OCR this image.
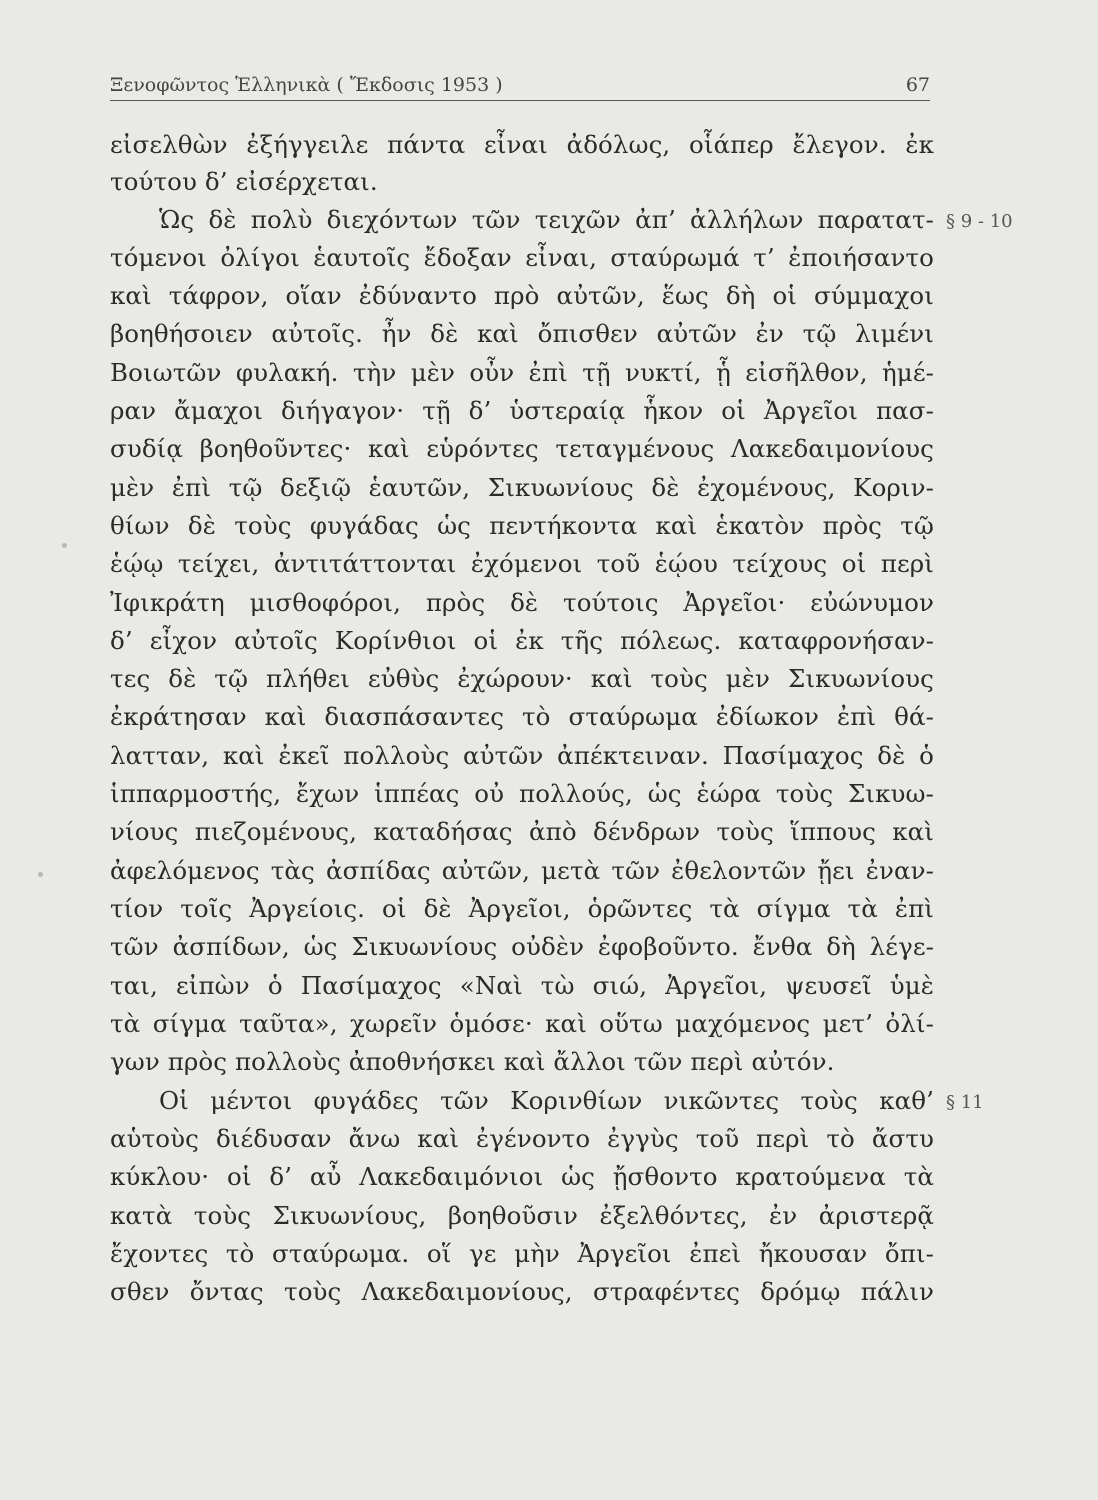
Ξενοφῶντος Ἑλληνικὰ ( Ἔκδοσις 1953 )	67
εἰσελθὼν ἐξήγγειλε πάντα εἶναι ἀδόλως, οἷάπερ ἔλεγον. ἐκ
τούτου δ’ εἰσέρχεται.
Ὡς δὲ πολὺ διεχόντων τῶν τειχῶν ἀπ’ ἀλλήλων παρατατ-
τόμενοι ὀλίγοι ἑαυτοῖς ἔδοξαν εἶναι, σταύρωμά τ’ ἐποιήσαντο
καὶ τάφρον, οἵαν ἐδύναντο πρὸ αὐτῶν, ἕως δὴ οἱ σύμμαχοι
βοηθήσοιεν αὐτοῖς. ἦν δὲ καὶ ὄπισθεν αὐτῶν ἐν τῷ λιμένι
Βοιωτῶν φυλακή. τὴν μὲν οὖν ἐπὶ τῇ νυκτί, ᾗ εἰσῆλθον, ἡμέ-
ραν ἄμαχοι διήγαγον· τῇ δ’ ὑστεραίᾳ ἧκον οἱ Ἀργεῖοι πασ-
συδίᾳ βοηθοῦντες· καὶ εὑρόντες τεταγμένους Λακεδαιμονίους
μὲν ἐπὶ τῷ δεξιῷ ἑαυτῶν, Σικυωνίους δὲ ἐχομένους, Κοριν-
θίων δὲ τοὺς φυγάδας ὡς πεντήκοντα καὶ ἑκατὸν πρὸς τῷ
ἑῴῳ τείχει, ἀντιτάττονται ἐχόμενοι τοῦ ἑῴου τείχους οἱ περὶ
Ἰφικράτη μισθοφόροι, πρὸς δὲ τούτοις Ἀργεῖοι· εὐώνυμον
δ’ εἶχον αὐτοῖς Κορίνθιοι οἱ ἐκ τῆς πόλεως. καταφρονήσαν-
τες δὲ τῷ πλήθει εὐθὺς ἐχώρουν· καὶ τοὺς μὲν Σικυωνίους
ἐκράτησαν καὶ διασπάσαντες τὸ σταύρωμα ἐδίωκον ἐπὶ θά-
λατταν, καὶ ἐκεῖ πολλοὺς αὐτῶν ἀπέκτειναν. Πασίμαχος δὲ ὁ
ἱππαρμοστής, ἔχων ἱππέας οὐ πολλούς, ὡς ἑώρα τοὺς Σικυω-
νίους πιεζομένους, καταδήσας ἀπὸ δένδρων τοὺς ἵππους καὶ
ἀφελόμενος τὰς ἀσπίδας αὐτῶν, μετὰ τῶν ἐθελοντῶν ᾔει ἐναν-
τίον τοῖς Ἀργείοις. οἱ δὲ Ἀργεῖοι, ὁρῶντες τὰ σίγμα τὰ ἐπὶ
τῶν ἀσπίδων, ὡς Σικυωνίους οὐδὲν ἐφοβοῦντο. ἔνθα δὴ λέγε-
ται, εἰπὼν ὁ Πασίμαχος «Ναὶ τὼ σιώ, Ἀργεῖοι, ψευσεῖ ὑμὲ
τὰ σίγμα ταῦτα», χωρεῖν ὁμόσε· καὶ οὕτω μαχόμενος μετ’ ὀλί-
γων πρὸς πολλοὺς ἀποθνήσκει καὶ ἄλλοι τῶν περὶ αὐτόν.
Οἱ μέντοι φυγάδες τῶν Κορινθίων νικῶντες τοὺς καθ’
αὑτοὺς διέδυσαν ἄνω καὶ ἐγένοντο ἐγγὺς τοῦ περὶ τὸ ἄστυ
κύκλου· οἱ δ’ αὖ Λακεδαιμόνιοι ὡς ᾔσθοντο κρατούμενα τὰ
κατὰ τοὺς Σικυωνίους, βοηθοῦσιν ἐξελθόντες, ἐν ἀριστερᾷ
ἔχοντες τὸ σταύρωμα. οἵ γε μὴν Ἀργεῖοι ἐπεὶ ἤκουσαν ὄπι-
σθεν ὄντας τοὺς Λακεδαιμονίους, στραφέντες δρόμῳ πάλιν
§ 9 - 10
§ 11
